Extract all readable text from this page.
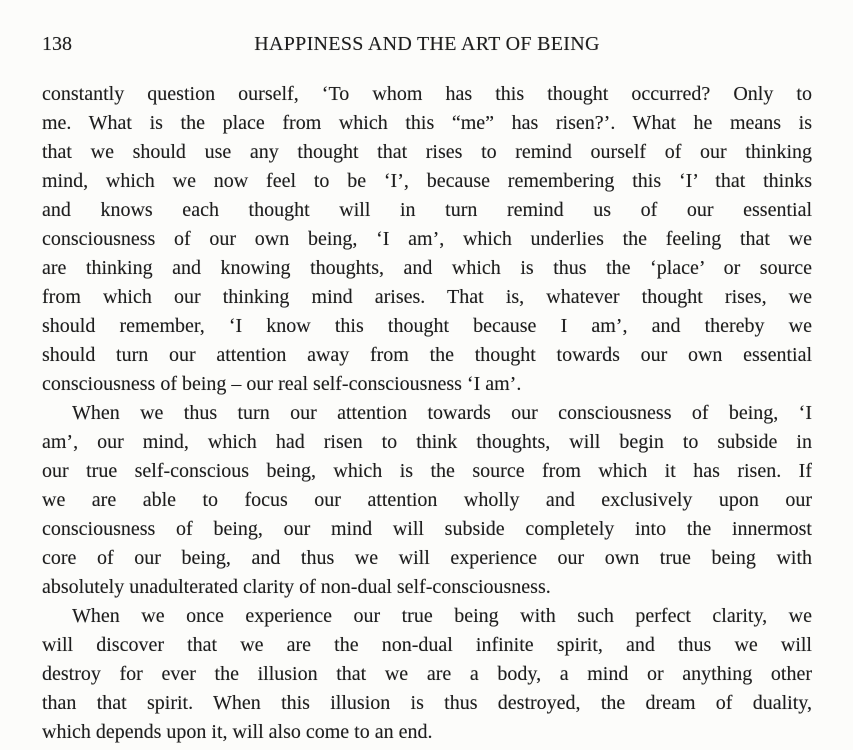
138	HAPPINESS AND THE ART OF BEING
constantly question ourself, ‘To whom has this thought occurred? Only to
me. What is the place from which this “me” has risen?’. What he means is
that we should use any thought that rises to remind ourself of our thinking
mind, which we now feel to be ‘I’, because remembering this ‘I’ that thinks
and knows each thought will in turn remind us of our essential
consciousness of our own being, ‘I am’, which underlies the feeling that we
are thinking and knowing thoughts, and which is thus the ‘place’ or source
from which our thinking mind arises. That is, whatever thought rises, we
should remember, ‘I know this thought because I am’, and thereby we
should turn our attention away from the thought towards our own essential
consciousness of being – our real self-consciousness ‘I am’.
When we thus turn our attention towards our consciousness of being, ‘I
am’, our mind, which had risen to think thoughts, will begin to subside in
our true self-conscious being, which is the source from which it has risen. If
we are able to focus our attention wholly and exclusively upon our
consciousness of being, our mind will subside completely into the innermost
core of our being, and thus we will experience our own true being with
absolutely unadulterated clarity of non-dual self-consciousness.
When we once experience our true being with such perfect clarity, we
will discover that we are the non-dual infinite spirit, and thus we will
destroy for ever the illusion that we are a body, a mind or anything other
than that spirit. When this illusion is thus destroyed, the dream of duality,
which depends upon it, will also come to an end.
